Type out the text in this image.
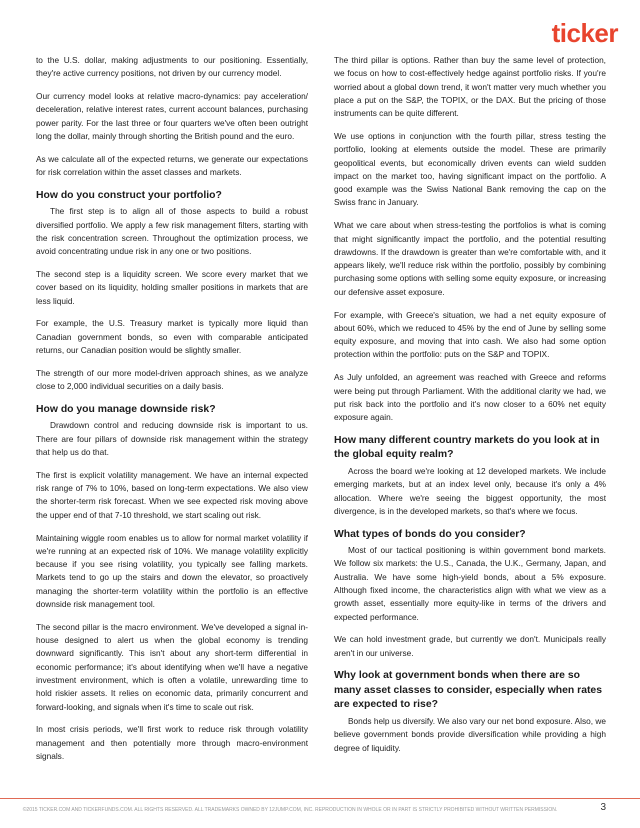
ticker

to the U.S. dollar, making adjustments to our positioning. Essentially, they're active currency positions, not driven by our currency model.

Our currency model looks at relative macro-dynamics: pay acceleration/ deceleration, relative interest rates, current account balances, purchasing power parity. For the last three or four quarters we've often been outright long the dollar, mainly through shorting the British pound and the euro.

As we calculate all of the expected returns, we generate our expectations for risk correlation within the asset classes and markets.

How do you construct your portfolio?

The first step is to align all of those aspects to build a robust diversified portfolio. We apply a few risk management filters, starting with the risk concentration screen. Throughout the optimization process, we avoid concentrating undue risk in any one or two positions.

The second step is a liquidity screen. We score every market that we cover based on its liquidity, holding smaller positions in markets that are less liquid.

For example, the U.S. Treasury market is typically more liquid than Canadian government bonds, so even with comparable anticipated returns, our Canadian position would be slightly smaller.

The strength of our more model-driven approach shines, as we analyze close to 2,000 individual securities on a daily basis.

How do you manage downside risk?

Drawdown control and reducing downside risk is important to us. There are four pillars of downside risk management within the strategy that help us do that.

The first is explicit volatility management. We have an internal expected risk range of 7% to 10%, based on long-term expectations. We also view the shorter-term risk forecast. When we see expected risk moving above the upper end of that 7-10 threshold, we start scaling out risk.

Maintaining wiggle room enables us to allow for normal market volatility if we're running at an expected risk of 10%. We manage volatility explicitly because if you see rising volatility, you typically see falling markets. Markets tend to go up the stairs and down the elevator, so proactively managing the shorter-term volatility within the portfolio is an effective downside risk management tool.

The second pillar is the macro environment. We've developed a signal in-house designed to alert us when the global economy is trending downward significantly. This isn't about any short-term differential in economic performance; it's about identifying when we'll have a negative investment environment, which is often a volatile, unrewarding time to hold riskier assets. It relies on economic data, primarily concurrent and forward-looking, and signals when it's time to scale out risk.

In most crisis periods, we'll first work to reduce risk through volatility management and then potentially more through macro-environment signals.

The third pillar is options. Rather than buy the same level of protection, we focus on how to cost-effectively hedge against portfolio risks. If you're worried about a global down trend, it won't matter very much whether you place a put on the S&P, the TOPIX, or the DAX. But the pricing of those instruments can be quite different.

We use options in conjunction with the fourth pillar, stress testing the portfolio, looking at elements outside the model. These are primarily geopolitical events, but economically driven events can wield sudden impact on the market too, having significant impact on the portfolio. A good example was the Swiss National Bank removing the cap on the Swiss franc in January.

What we care about when stress-testing the portfolios is what is coming that might significantly impact the portfolio, and the potential resulting drawdowns. If the drawdown is greater than we're comfortable with, and it appears likely, we'll reduce risk within the portfolio, possibly by combining purchasing some options with selling some equity exposure, or increasing our defensive asset exposure.

For example, with Greece's situation, we had a net equity exposure of about 60%, which we reduced to 45% by the end of June by selling some equity exposure, and moving that into cash. We also had some option protection within the portfolio: puts on the S&P and TOPIX.

As July unfolded, an agreement was reached with Greece and reforms were being put through Parliament. With the additional clarity we had, we put risk back into the portfolio and it's now closer to a 60% net equity exposure again.

How many different country markets do you look at in the global equity realm?

Across the board we're looking at 12 developed markets. We include emerging markets, but at an index level only, because it's only a 4% allocation. Where we're seeing the biggest opportunity, the most divergence, is in the developed markets, so that's where we focus.

What types of bonds do you consider?

Most of our tactical positioning is within government bond markets. We follow six markets: the U.S., Canada, the U.K., Germany, Japan, and Australia. We have some high-yield bonds, about a 5% exposure. Although fixed income, the characteristics align with what we view as a growth asset, essentially more equity-like in terms of the drivers and expected performance.

We can hold investment grade, but currently we don't. Municipals really aren't in our universe.

Why look at government bonds when there are so many asset classes to consider, especially when rates are expected to rise?

Bonds help us diversify. We also vary our net bond exposure. Also, we believe government bonds provide diversification while providing a high degree of liquidity.

©2015 TICKER.COM AND TICKERFUNDS.COM. ALL RIGHTS RESERVED. ALL TRADEMARKS OWNED BY 12JUMP.COM, INC. REPRODUCTION IN WHOLE OR IN PART IS STRICTLY PROHIBITED WITHOUT WRITTEN PERMISSION.	3
